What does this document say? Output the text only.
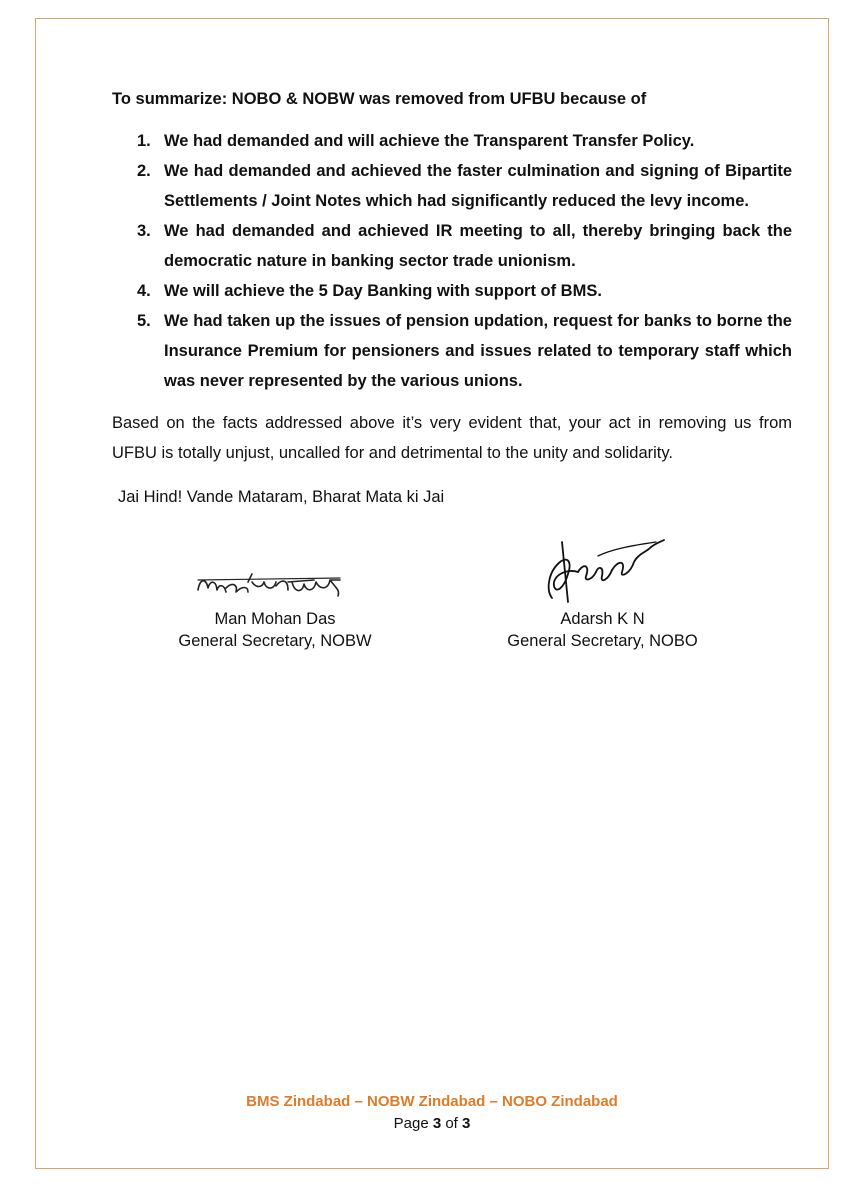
To summarize: NOBO & NOBW was removed from UFBU because of

1. We had demanded and will achieve the Transparent Transfer Policy.
2. We had demanded and achieved the faster culmination and signing of Bipartite Settlements / Joint Notes which had significantly reduced the levy income.
3. We had demanded and achieved IR meeting to all, thereby bringing back the democratic nature in banking sector trade unionism.
4. We will achieve the 5 Day Banking with support of BMS.
5. We had taken up the issues of pension updation, request for banks to borne the Insurance Premium for pensioners and issues related to temporary staff which was never represented by the various unions.

Based on the facts addressed above it’s very evident that, your act in removing us from UFBU is totally unjust, uncalled for and detrimental to the unity and solidarity.

Jai Hind! Vande Mataram, Bharat Mata ki Jai

Man Mohan Das
General Secretary, NOBW
Adarsh K N
General Secretary, NOBO
BMS Zindabad – NOBW Zindabad – NOBO Zindabad
Page 3 of 3
